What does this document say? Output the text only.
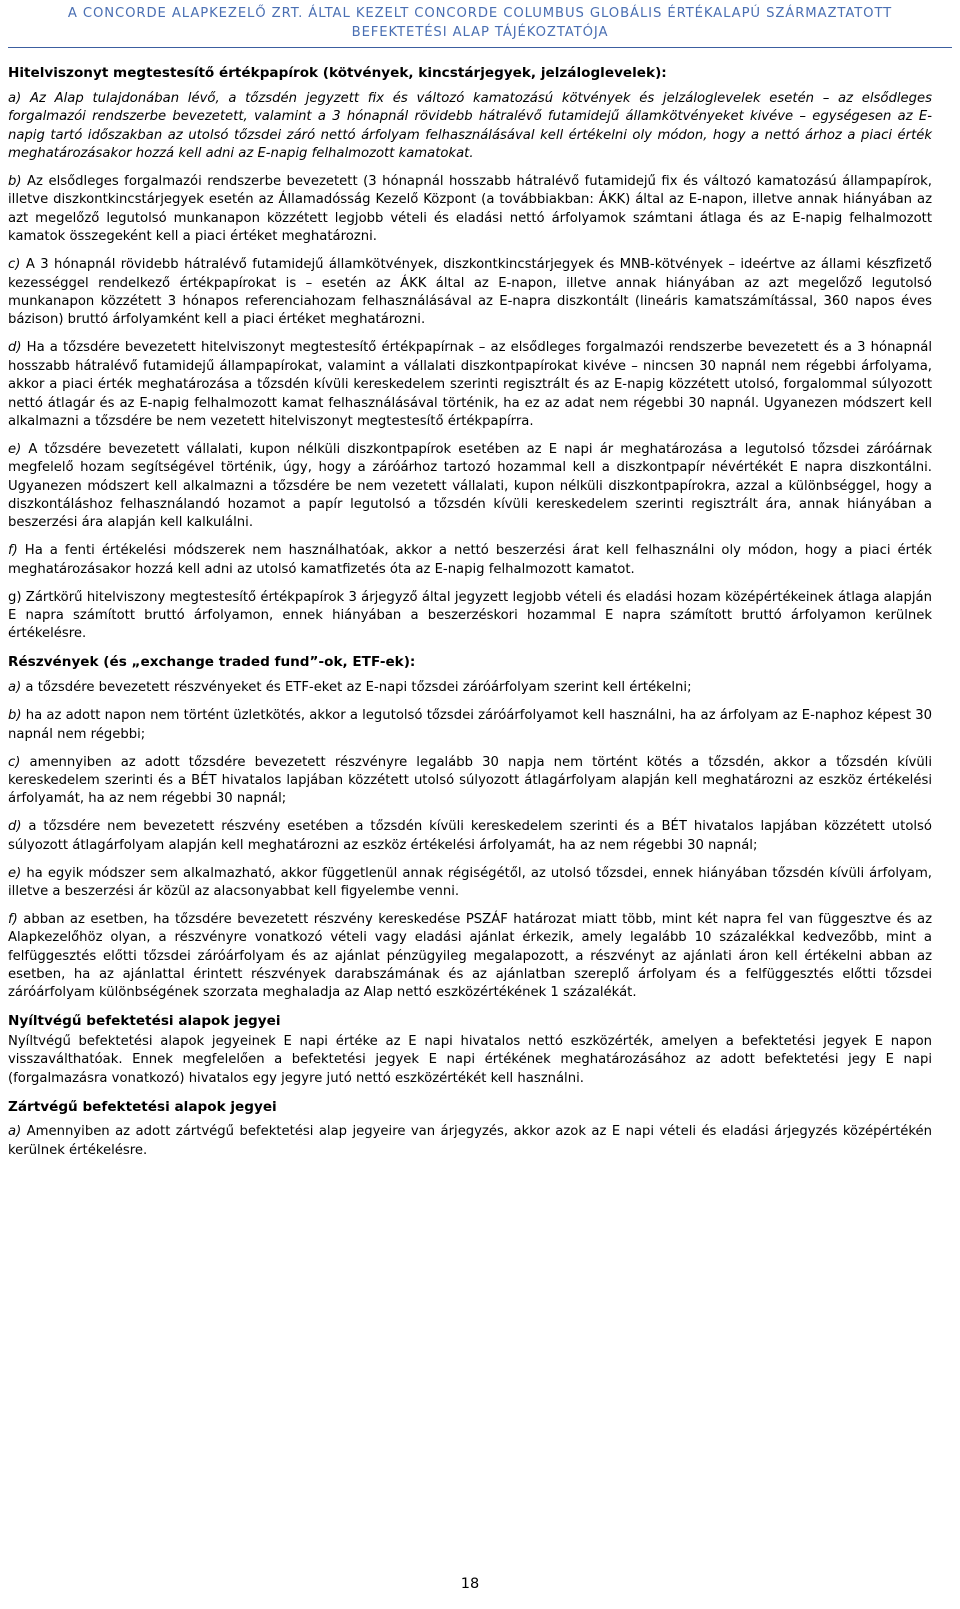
A CONCORDE ALAPKEZELŐ ZRT. ÁLTAL KEZELT CONCORDE COLUMBUS GLOBÁLIS ÉRTÉKALAPÚ SZÁRMAZTATOTT
BEFEKTETÉSI ALAP TÁJÉKOZTATÓJA
Hitelviszonyt megtestesítő értékpapírok (kötvények, kincstárjegyek, jelzáloglevelek):

a) Az Alap tulajdonában lévő, a tőzsdén jegyzett fix és változó kamatozású kötvények és jelzáloglevelek esetén – az elsődleges forgalmazói rendszerbe bevezetett, valamint a 3 hónapnál rövidebb hátralévő futamidejű államkötvényeket kivéve – egységesen az E-napig tartó időszakban az utolsó tőzsdei záró nettó árfolyam felhasználásával kell értékelni oly módon, hogy a nettó árhoz a piaci érték meghatározásakor hozzá kell adni az E-napig felhalmozott kamatokat.

b) Az elsődleges forgalmazói rendszerbe bevezetett (3 hónapnál hosszabb hátralévő futamidejű fix és változó kamatozású állampapírok, illetve diszkontkincstárjegyek esetén az Államadósság Kezelő Központ (a továbbiakban: ÁKK) által az E-napon, illetve annak hiányában az azt megelőző legutolsó munkanapon közzétett legjobb vételi és eladási nettó árfolyamok számtani átlaga és az E-napig felhalmozott kamatok összegeként kell a piaci értéket meghatározni.

c) A 3 hónapnál rövidebb hátralévő futamidejű államkötvények, diszkontkincstárjegyek és MNB-kötvények – ideértve az állami készfizető kezességgel rendelkező értékpapírokat is – esetén az ÁKK által az E-napon, illetve annak hiányában az azt megelőző legutolsó munkanapon közzétett 3 hónapos referenciahozam felhasználásával az E-napra diszkontált (lineáris kamatszámítással, 360 napos éves bázison) bruttó árfolyamként kell a piaci értéket meghatározni.

d) Ha a tőzsdére bevezetett hitelviszonyt megtestesítő értékpapírnak – az elsődleges forgalmazói rendszerbe bevezetett és a 3 hónapnál hosszabb hátralévő futamidejű állampapírokat, valamint a vállalati diszkontpapírokat kivéve – nincsen 30 napnál nem régebbi árfolyama, akkor a piaci érték meghatározása a tőzsdén kívüli kereskedelem szerinti regisztrált és az E-napig közzétett utolsó, forgalommal súlyozott nettó átlagár és az E-napig felhalmozott kamat felhasználásával történik, ha ez az adat nem régebbi 30 napnál. Ugyanezen módszert kell alkalmazni a tőzsdére be nem vezetett hitelviszonyt megtestesítő értékpapírra.

e) A tőzsdére bevezetett vállalati, kupon nélküli diszkontpapírok esetében az E napi ár meghatározása a legutolsó tőzsdei záróárnak megfelelő hozam segítségével történik, úgy, hogy a záróárhoz tartozó hozammal kell a diszkontpapír névértékét E napra diszkontálni. Ugyanezen módszert kell alkalmazni a tőzsdére be nem vezetett vállalati, kupon nélküli diszkontpapírokra, azzal a különbséggel, hogy a diszkontáláshoz felhasználandó hozamot a papír legutolsó a tőzsdén kívüli kereskedelem szerinti regisztrált ára, annak hiányában a beszerzési ára alapján kell kalkulálni.

f) Ha a fenti értékelési módszerek nem használhatóak, akkor a nettó beszerzési árat kell felhasználni oly módon, hogy a piaci érték meghatározásakor hozzá kell adni az utolsó kamatfizetés óta az E-napig felhalmozott kamatot.

g) Zártkörű hitelviszony megtestesítő értékpapírok 3 árjegyző által jegyzett legjobb vételi és eladási hozam középértékeinek átlaga alapján E napra számított bruttó árfolyamon, ennek hiányában a beszerzéskori hozammal E napra számított bruttó árfolyamon kerülnek értékelésre.

Részvények (és „exchange traded fund”-ok, ETF-ek):

a) a tőzsdére bevezetett részvényeket és ETF-eket az E-napi tőzsdei záróárfolyam szerint kell értékelni;

b) ha az adott napon nem történt üzletkötés, akkor a legutolsó tőzsdei záróárfolyamot kell használni, ha az árfolyam az E-naphoz képest 30 napnál nem régebbi;

c) amennyiben az adott tőzsdére bevezetett részvényre legalább 30 napja nem történt kötés a tőzsdén, akkor a tőzsdén kívüli kereskedelem szerinti és a BÉT hivatalos lapjában közzétett utolsó súlyozott átlagárfolyam alapján kell meghatározni az eszköz értékelési árfolyamát, ha az nem régebbi 30 napnál;

d) a tőzsdére nem bevezetett részvény esetében a tőzsdén kívüli kereskedelem szerinti és a BÉT hivatalos lapjában közzétett utolsó súlyozott átlagárfolyam alapján kell meghatározni az eszköz értékelési árfolyamát, ha az nem régebbi 30 napnál;

e) ha egyik módszer sem alkalmazható, akkor függetlenül annak régiségétől, az utolsó tőzsdei, ennek hiányában tőzsdén kívüli árfolyam, illetve a beszerzési ár közül az alacsonyabbat kell figyelembe venni.

f) abban az esetben, ha tőzsdére bevezetett részvény kereskedése PSZÁF határozat miatt több, mint két napra fel van függesztve és az Alapkezelőhöz olyan, a részvényre vonatkozó vételi vagy eladási ajánlat érkezik, amely legalább 10 százalékkal kedvezőbb, mint a felfüggesztés előtti tőzsdei záróárfolyam és az ajánlat pénzügyileg megalapozott, a részvényt az ajánlati áron kell értékelni abban az esetben, ha az ajánlattal érintett részvények darabszámának és az ajánlatban szereplő árfolyam és a felfüggesztés előtti tőzsdei záróárfolyam különbségének szorzata meghaladja az Alap nettó eszközértékének 1 százalékát.

Nyíltvégű befektetési alapok jegyei

Nyíltvégű befektetési alapok jegyeinek E napi értéke az E napi hivatalos nettó eszközérték, amelyen a befektetési jegyek E napon visszaválthatóak. Ennek megfelelően a befektetési jegyek E napi értékének meghatározásához az adott befektetési jegy E napi (forgalmazásra vonatkozó) hivatalos egy jegyre jutó nettó eszközértékét kell használni.

Zártvégű befektetési alapok jegyei

a) Amennyiben az adott zártvégű befektetési alap jegyeire van árjegyzés, akkor azok az E napi vételi és eladási árjegyzés középértékén kerülnek értékelésre.

18
